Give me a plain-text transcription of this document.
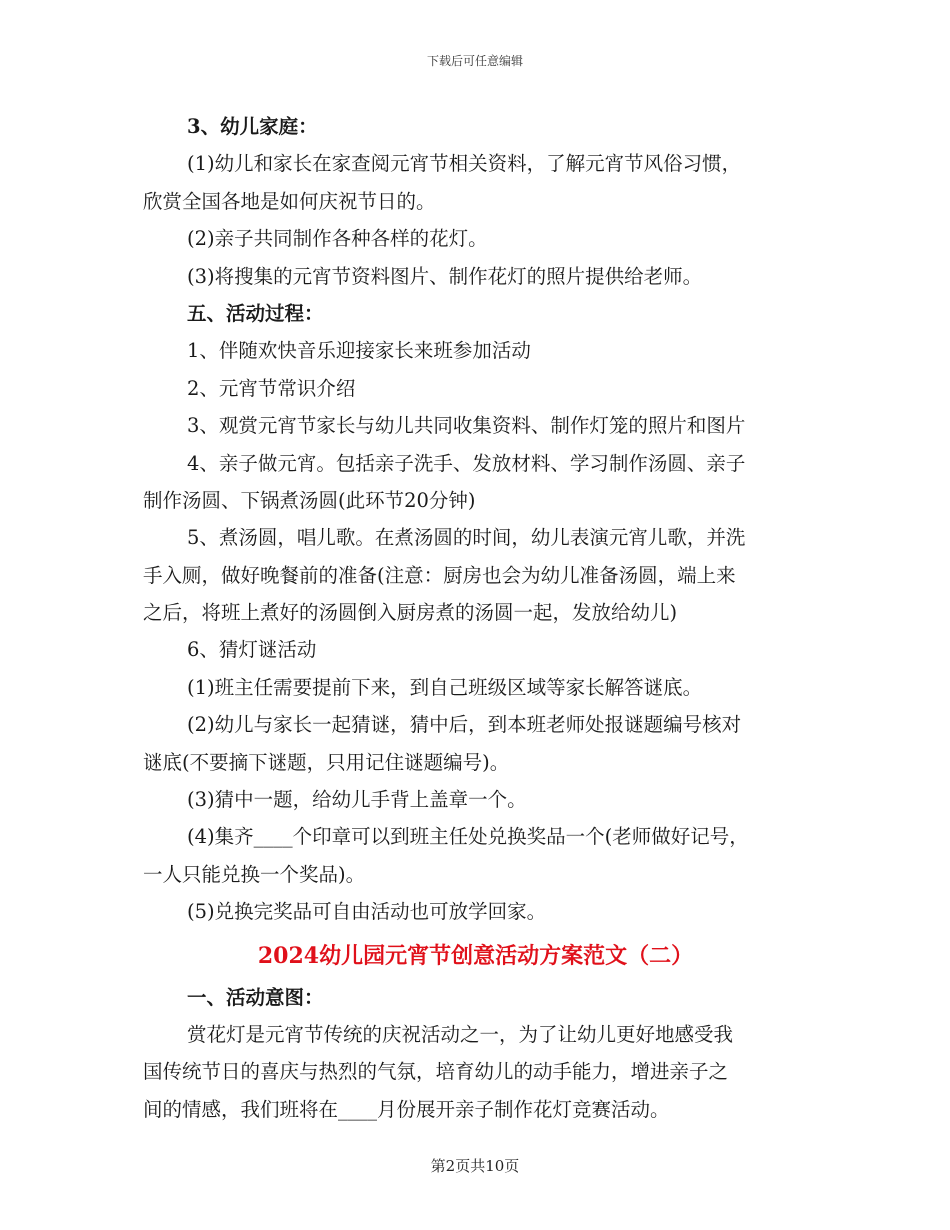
下载后可任意编辑
3、幼儿家庭：
(1)幼儿和家长在家查阅元宵节相关资料，了解元宵节风俗习惯，
欣赏全国各地是如何庆祝节日的。
(2)亲子共同制作各种各样的花灯。
(3)将搜集的元宵节资料图片、制作花灯的照片提供给老师。
五、活动过程：
1、伴随欢快音乐迎接家长来班参加活动
2、元宵节常识介绍
3、观赏元宵节家长与幼儿共同收集资料、制作灯笼的照片和图片
4、亲子做元宵。包括亲子洗手、发放材料、学习制作汤圆、亲子
制作汤圆、下锅煮汤圆(此环节20分钟)
5、煮汤圆，唱儿歌。在煮汤圆的时间，幼儿表演元宵儿歌，并洗
手入厕，做好晚餐前的准备(注意：厨房也会为幼儿准备汤圆，端上来
之后，将班上煮好的汤圆倒入厨房煮的汤圆一起，发放给幼儿)
6、猜灯谜活动
(1)班主任需要提前下来，到自己班级区域等家长解答谜底。
(2)幼儿与家长一起猜谜，猜中后，到本班老师处报谜题编号核对
谜底(不要摘下谜题，只用记住谜题编号)。
(3)猜中一题，给幼儿手背上盖章一个。
(4)集齐____个印章可以到班主任处兑换奖品一个(老师做好记号，
一人只能兑换一个奖品)。
(5)兑换完奖品可自由活动也可放学回家。
2024幼儿园元宵节创意活动方案范文（二）
一、活动意图：
赏花灯是元宵节传统的庆祝活动之一，为了让幼儿更好地感受我
国传统节日的喜庆与热烈的气氛，培育幼儿的动手能力，增进亲子之
间的情感，我们班将在____月份展开亲子制作花灯竞赛活动。
第2页共10页
